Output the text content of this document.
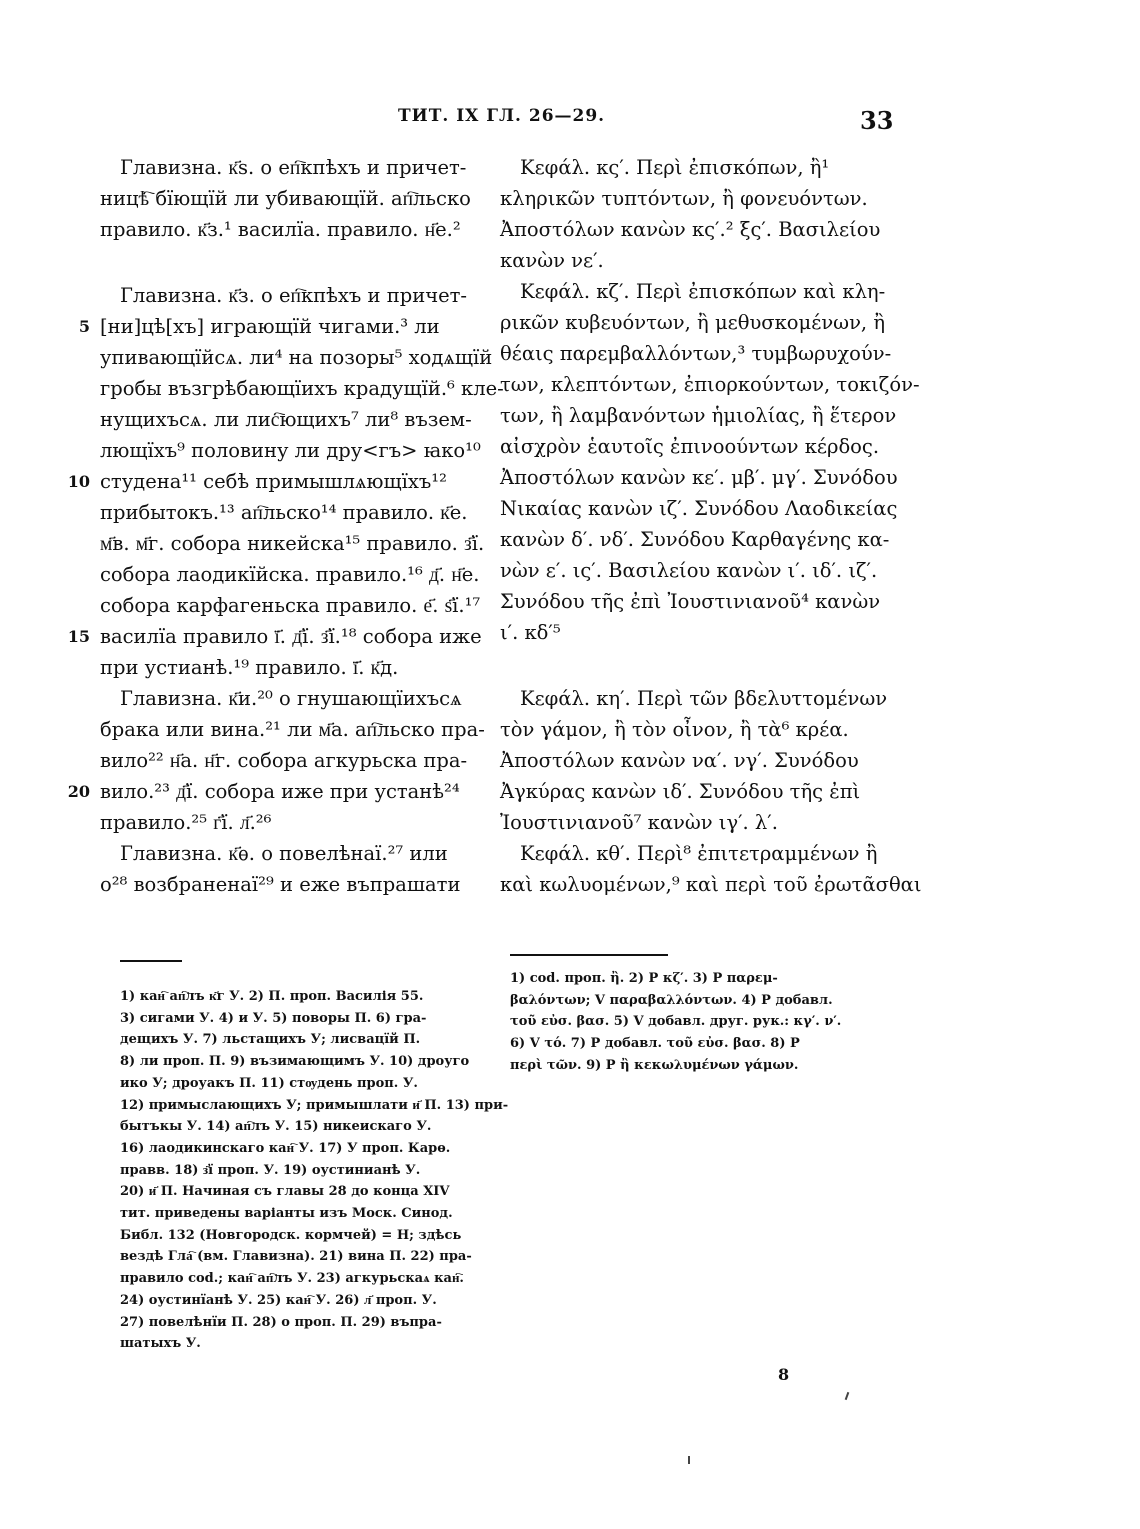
ТИТ. IX ГЛ. 26—29.	33
Главизна. к҃ѕ. о еп҇кпѣхъ и причет-
ницѣ҇ бїющїй ли убивающїй. ап҇льско
правило. к҃з.¹ василїа. правило. н҃е.²
Главизна. к҃з. о еп҇кпѣхъ и причет-
5 [ни]цѣ[хъ] играющїй чигами.³ ли
упивающїйсѧ. ли⁴ на позоры⁵ ходѧщїй
гробы възгрѣбающїихъ крадущїй.⁶ кле-
нущихъсѧ. ли лис҇ющихъ⁷ ли⁸ възем-
лющїхъ⁹ половину ли дру<гъ> ꙗко¹⁰
10 студена¹¹ себѣ примышлѧющїхъ¹²
прибытокъ.¹³ ап҇льско¹⁴ правило. к҃е.
м҃в. м҃г. собора никейска¹⁵ правило. з҃ї.
собора лаодикїйска. правило.¹⁶ д҃. н҃е.
собора карфагеньска правило. е҃. ѕ҃ї.¹⁷
15 василїа правило ї҃. д҃ї. з҃ї.¹⁸ собора иже
при устианѣ.¹⁹ правило. ї҃. к҃д.
Главизна. к҃и.²⁰ о гнушающїихъсѧ
брака или вина.²¹ ли м҃а. ап҇льско пра-
вило²² н҃а. н҃г. собора агкурьска пра-
20 вило.²³ д҃ї. собора иже при устанѣ²⁴
правило.²⁵ г҃ї. л҃.²⁶
Главизна. к҃ѳ. о повелѣнаї.²⁷ или
о²⁸ возбраненаї²⁹ и еже въпрашати
Κεφάλ. κς′. Περὶ ἐπισκόπων, ἢ¹
κληρικῶν τυπτόντων, ἢ φονευόντων.
Ἀποστόλων κανὼν κς′.² ξς′. Βασιλείου
κανὼν νε′.
Κεφάλ. κζ′. Περὶ ἐπισκόπων καὶ κλη-
ρικῶν κυβευόντων, ἢ μεθυσκομένων, ἢ
θέαις παρεμβαλλόντων,³ τυμβωρυχούν-
των, κλεπτόντων, ἐπιορκούντων, τοκιζόν-
των, ἢ λαμβανόντων ἡμιολίας, ἢ ἕτερον
αἰσχρὸν ἑαυτοῖς ἐπινοούντων κέρδος.
Ἀποστόλων κανὼν κε′. μβ′. μγ′. Συνόδου
Νικαίας κανὼν ιζ′. Συνόδου Λαοδικείας
κανὼν δ′. νδ′. Συνόδου Καρθαγένης κα-
νὼν ε′. ις′. Βασιλείου κανὼν ι′. ιδ′. ιζ′.
Συνόδου τῆς ἐπὶ Ἰουστινιανοῦ⁴ κανὼν
ι′. κδ′⁵
Κεφάλ. κη′. Περὶ τῶν βδελυττομένων
τὸν γάμον, ἢ τὸν οἶνον, ἢ τὰ⁶ κρέα.
Ἀποστόλων κανὼν να′. νγ′. Συνόδου
Ἀγκύρας κανὼν ιδ′. Συνόδου τῆς ἐπὶ
Ἰουστινιανοῦ⁷ κανὼν ιγ′. λ′.
Κεφάλ. κθ′. Περὶ⁸ ἐπιτετραμμένων ἢ
καὶ κωλυομένων,⁹ καὶ περὶ τοῦ ἐρωτᾶσθαι
1) кан҇ ап҇лъ к҃г У. 2) П. проп. Василія 55.
3) сигами У. 4) и У. 5) поворы П. 6) гра-
дещихъ У. 7) льстащихъ У; лисвацїй П.
8) ли проп. П. 9) възимающимъ У. 10) дроуго
ико У; дроуакъ П. 11) стѹдень проп. У.
12) примыслающихъ У; примышлати и҃ П. 13) при-
бытъкы У. 14) ап҇лъ У. 15) никеискаго У.
16) лаодикинскаго кан҇ У. 17) У проп. Карѳ.
правв. 18) з҃ї проп. У. 19) оустинианѣ У.
20) и҃ П. Начиная съ главы 28 до конца XIV
тит. приведены варіанты изъ Моск. Синод.
Библ. 132 (Новгородск. кормчей) = Н; здѣсь
вездѣ Гла҇ (вм. Главизна). 21) вина П. 22) пра-
правило cod.; кан҇ ап҇лъ У. 23) агкурьскаѧ кан҇.
24) оустинїанѣ У. 25) кан҇ У. 26) л҃ проп. У.
27) повелѣнїи П. 28) о проп. П. 29) въпра-
шатыхъ У.
1) cod. проп. ἢ. 2) Р κζ′. 3) Р παρεμ-
βαλόντων; V παραβαλλόντων. 4) Р добавл.
τοῦ εὐσ. βασ. 5) V добавл. друг. рук.: κγ′. ν′.
6) V τό. 7) Р добавл. τοῦ εὐσ. βασ. 8) Р
περὶ τῶν. 9) Р ἢ κεκωλυμένων γάμων.
8
